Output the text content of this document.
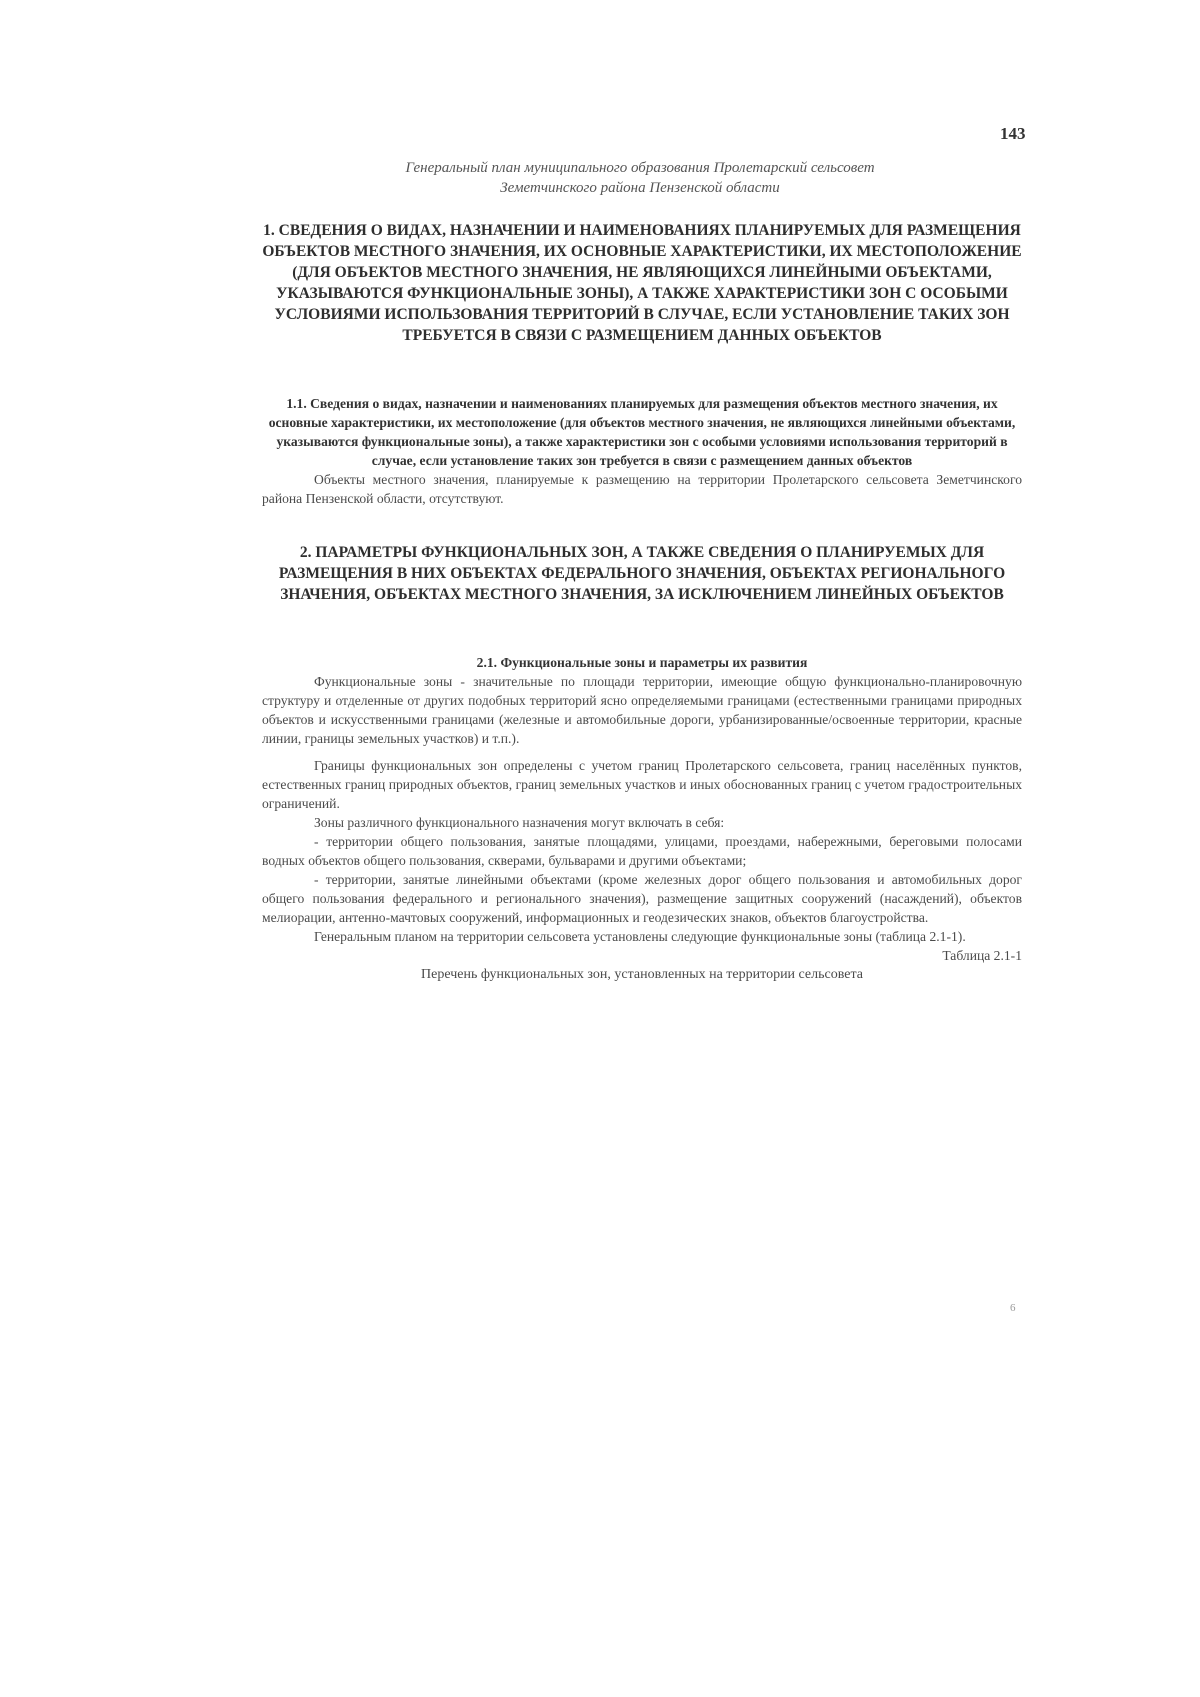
143
Генеральный план муниципального образования Пролетарский сельсовет
Земетчинского района Пензенской области

1. СВЕДЕНИЯ О ВИДАХ, НАЗНАЧЕНИИ И НАИМЕНОВАНИЯХ ПЛАНИРУЕМЫХ ДЛЯ РАЗМЕЩЕНИЯ ОБЪЕКТОВ МЕСТНОГО ЗНАЧЕНИЯ, ИХ ОСНОВНЫЕ ХАРАКТЕРИСТИКИ, ИХ МЕСТОПОЛОЖЕНИЕ (ДЛЯ ОБЪЕКТОВ МЕСТНОГО ЗНАЧЕНИЯ, НЕ ЯВЛЯЮЩИХСЯ ЛИНЕЙНЫМИ ОБЪЕКТАМИ, УКАЗЫВАЮТСЯ ФУНКЦИОНАЛЬНЫЕ ЗОНЫ), А ТАКЖЕ ХАРАКТЕРИСТИКИ ЗОН С ОСОБЫМИ УСЛОВИЯМИ ИСПОЛЬЗОВАНИЯ ТЕРРИТОРИЙ В СЛУЧАЕ, ЕСЛИ УСТАНОВЛЕНИЕ ТАКИХ ЗОН ТРЕБУЕТСЯ В СВЯЗИ С РАЗМЕЩЕНИЕМ ДАННЫХ ОБЪЕКТОВ

1.1. Сведения о видах, назначении и наименованиях планируемых для размещения объектов местного значения, их основные характеристики, их местоположение (для объектов местного значения, не являющихся линейными объектами, указываются функциональные зоны), а также характеристики зон с особыми условиями использования территорий в случае, если установление таких зон требуется в связи с размещением данных объектов

Объекты местного значения, планируемые к размещению на территории Пролетарского сельсовета Земетчинского района Пензенской области, отсутствуют.

2. ПАРАМЕТРЫ ФУНКЦИОНАЛЬНЫХ ЗОН, А ТАКЖЕ СВЕДЕНИЯ О ПЛАНИРУЕМЫХ ДЛЯ РАЗМЕЩЕНИЯ В НИХ ОБЪЕКТАХ ФЕДЕРАЛЬНОГО ЗНАЧЕНИЯ, ОБЪЕКТАХ РЕГИОНАЛЬНОГО ЗНАЧЕНИЯ, ОБЪЕКТАХ МЕСТНОГО ЗНАЧЕНИЯ, ЗА ИСКЛЮЧЕНИЕМ ЛИНЕЙНЫХ ОБЪЕКТОВ

2.1. Функциональные зоны и параметры их развития

Функциональные зоны - значительные по площади территории, имеющие общую функционально-планировочную структуру и отделенные от других подобных территорий ясно определяемыми границами (естественными границами природных объектов и искусственными границами (железные и автомобильные дороги, урбанизированные/освоенные территории, красные линии, границы земельных участков) и т.п.).

Границы функциональных зон определены с учетом границ Пролетарского сельсовета, границ населённых пунктов, естественных границ природных объектов, границ земельных участков и иных обоснованных границ с учетом градостроительных ограничений.

Зоны различного функционального назначения могут включать в себя:

- территории общего пользования, занятые площадями, улицами, проездами, набережными, береговыми полосами водных объектов общего пользования, скверами, бульварами и другими объектами;

- территории, занятые линейными объектами (кроме железных дорог общего пользования и автомобильных дорог общего пользования федерального и регионального значения), размещение защитных сооружений (насаждений), объектов мелиорации, антенно-мачтовых сооружений, информационных и геодезических знаков, объектов благоустройства.

Генеральным планом на территории сельсовета установлены следующие функциональные зоны (таблица 2.1-1).

Таблица 2.1-1

Перечень функциональных зон, установленных на территории сельсовета

6
